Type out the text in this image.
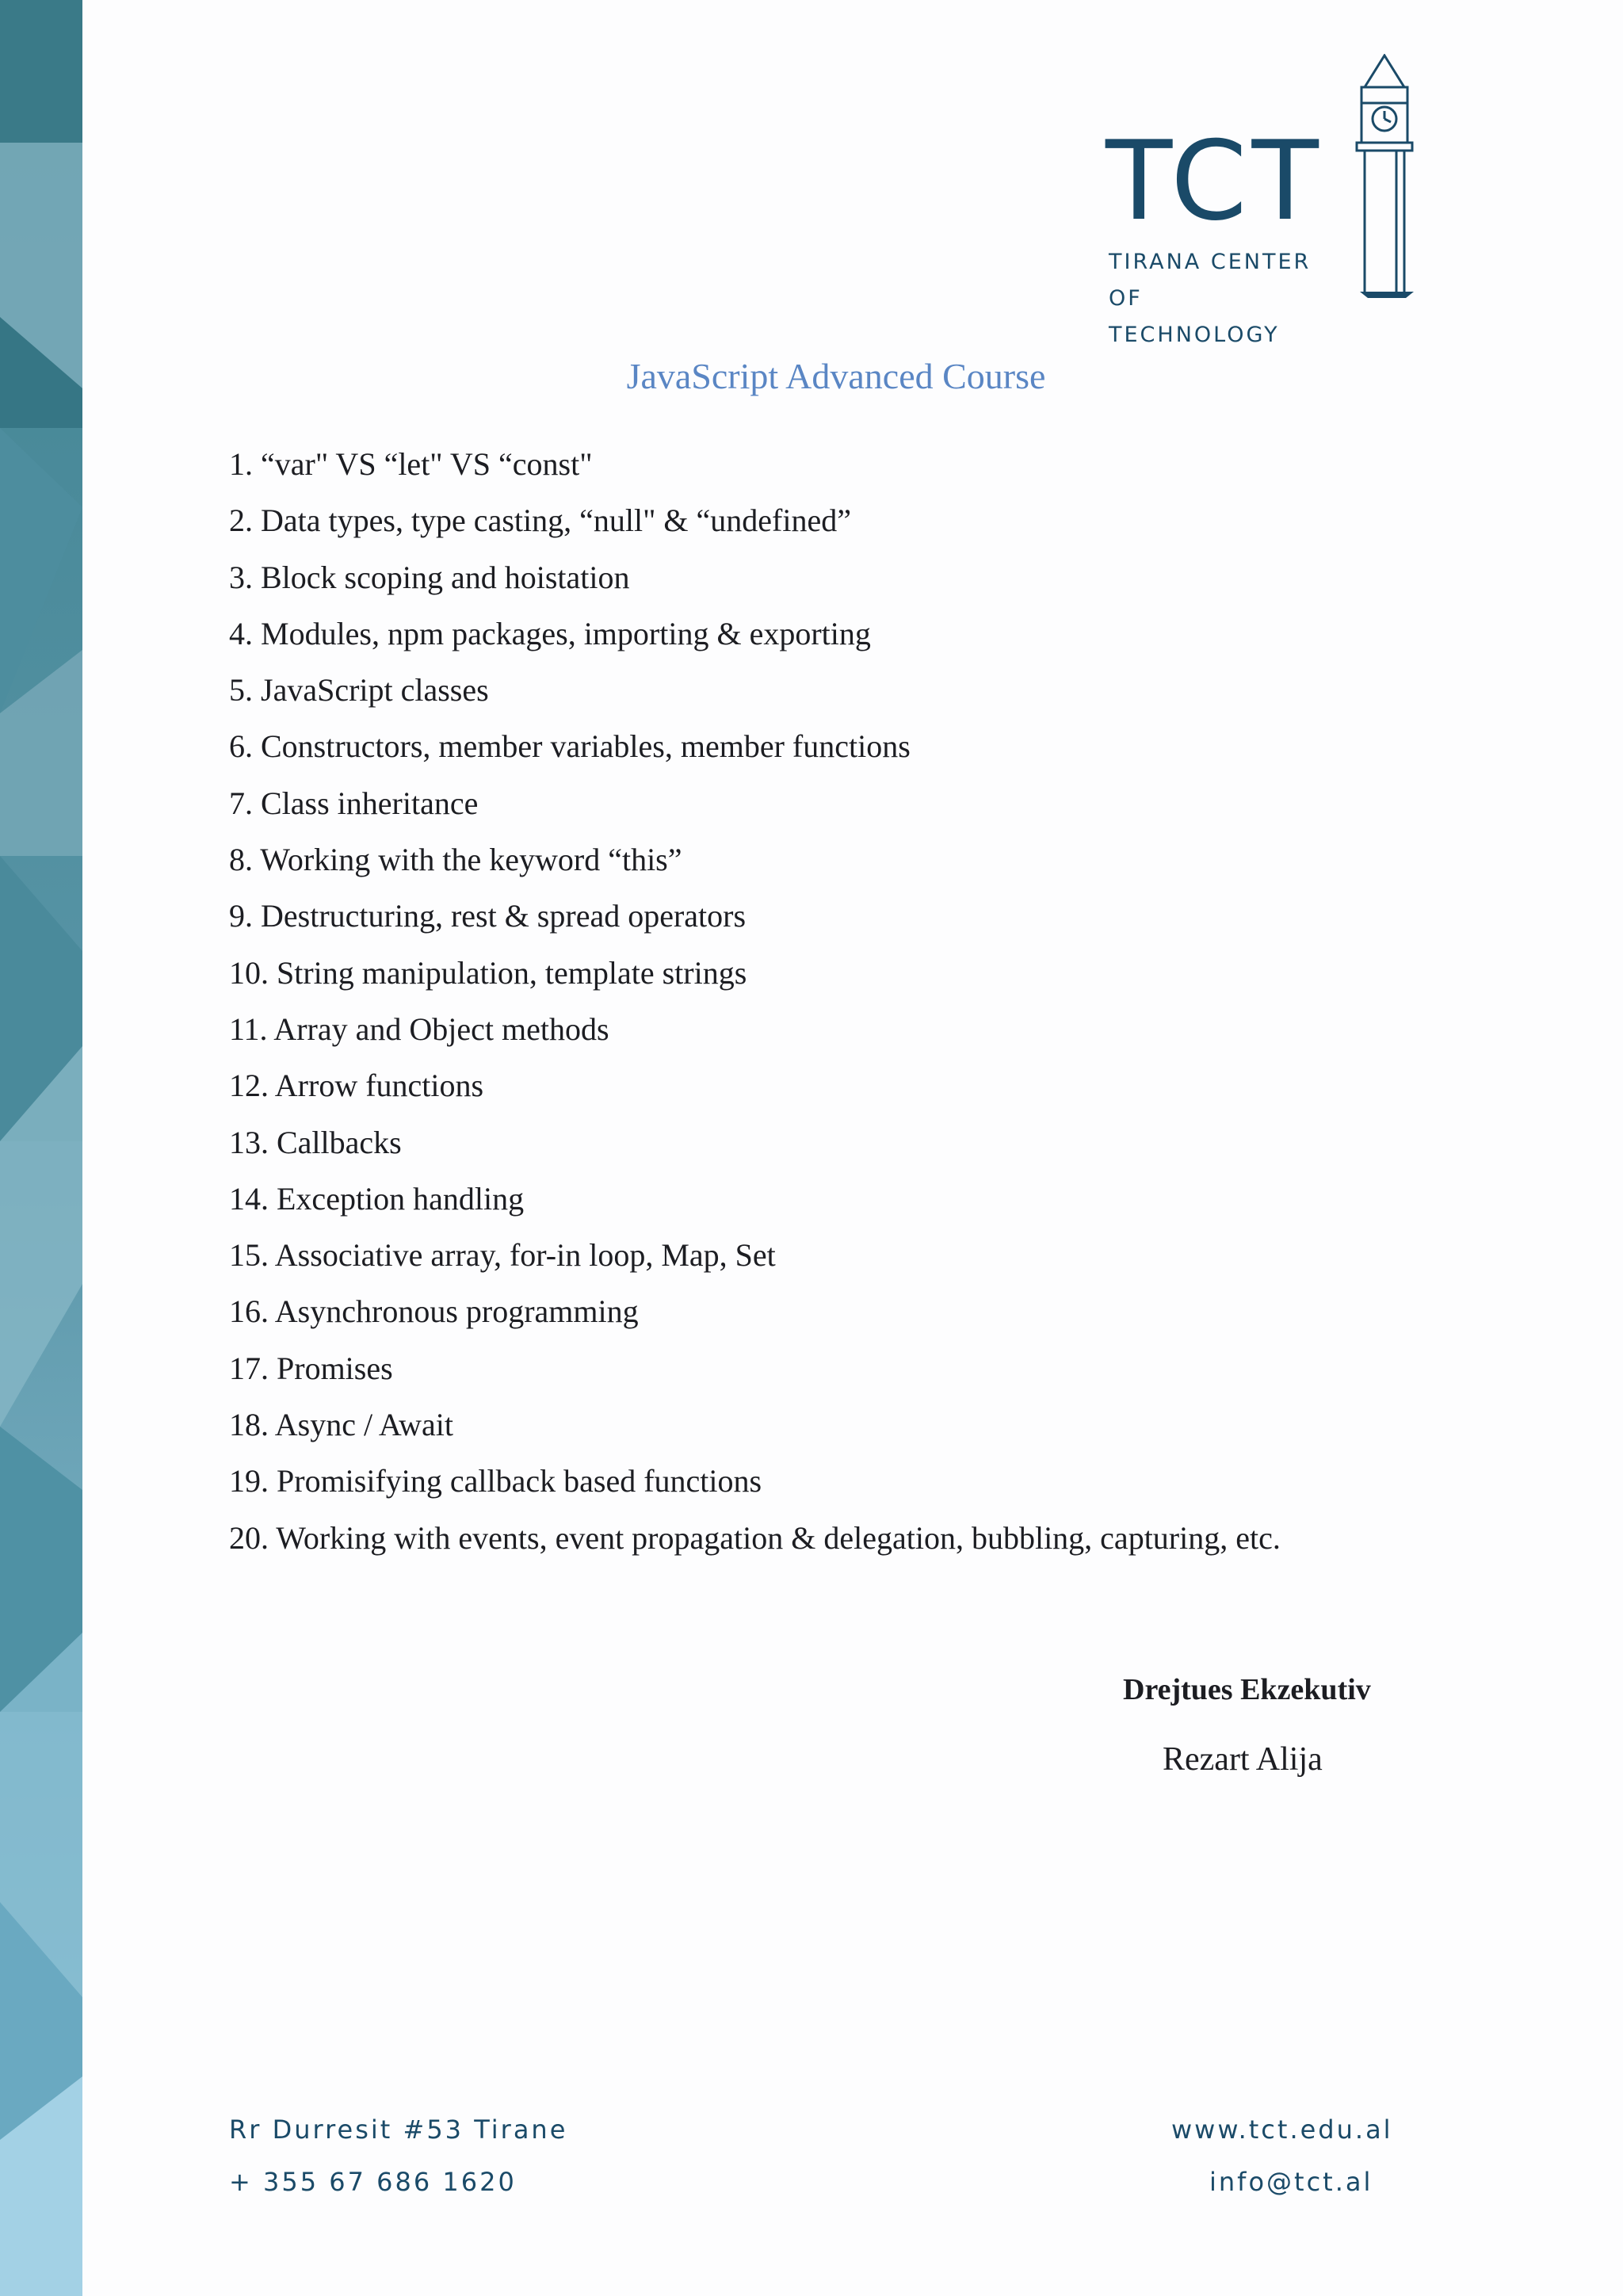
TCT
TIRANA CENTER OF
TECHNOLOGY
JavaScript Advanced Course
1. “var" VS “let" VS “const"
2. Data types, type casting, “null" & “undefined”
3. Block scoping and hoistation
4. Modules, npm packages, importing & exporting
5. JavaScript classes
6. Constructors, member variables, member functions
7. Class inheritance
8. Working with the keyword “this”
9. Destructuring, rest & spread operators
10. String manipulation, template strings
11. Array and Object methods
12. Arrow functions
13. Callbacks
14. Exception handling
15. Associative array, for-in loop, Map, Set
16. Asynchronous programming
17. Promises
18. Async / Await
19. Promisifying callback based functions
20. Working with events, event propagation & delegation, bubbling, capturing, etc.
Drejtues Ekzekutiv
Rezart Alija
Rr Durresit #53 Tirane
+ 355 67 686 1620
www.tct.edu.al
info@tct.al
